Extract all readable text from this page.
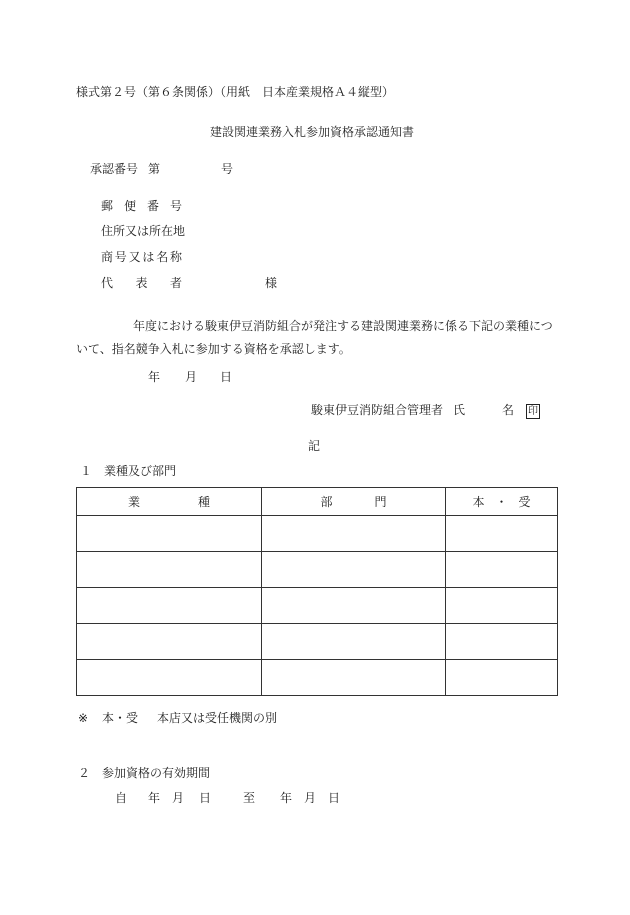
様式第２号（第６条関係）（用紙　日本産業規格Ａ４縦型）
建設関連業務入札参加資格承認通知書
承認番号 第	号
郵 便 番 号
住所又は所在地
商 号 又 は 名 称
代 表 者	様
年度における駿東伊豆消防組合が発注する建設関連業務に係る下記の業種につ
いて、指名競争入札に参加する資格を承認します。
年 月 日
駿東伊豆消防組合管理者 氏	名	印
記
１　業種及び部門
業 種	部 門	本 ・ 受

※ 本・受 本店又は受任機関の別
２　参加資格の有効期間
自 年 月 日	至 年 月 日
